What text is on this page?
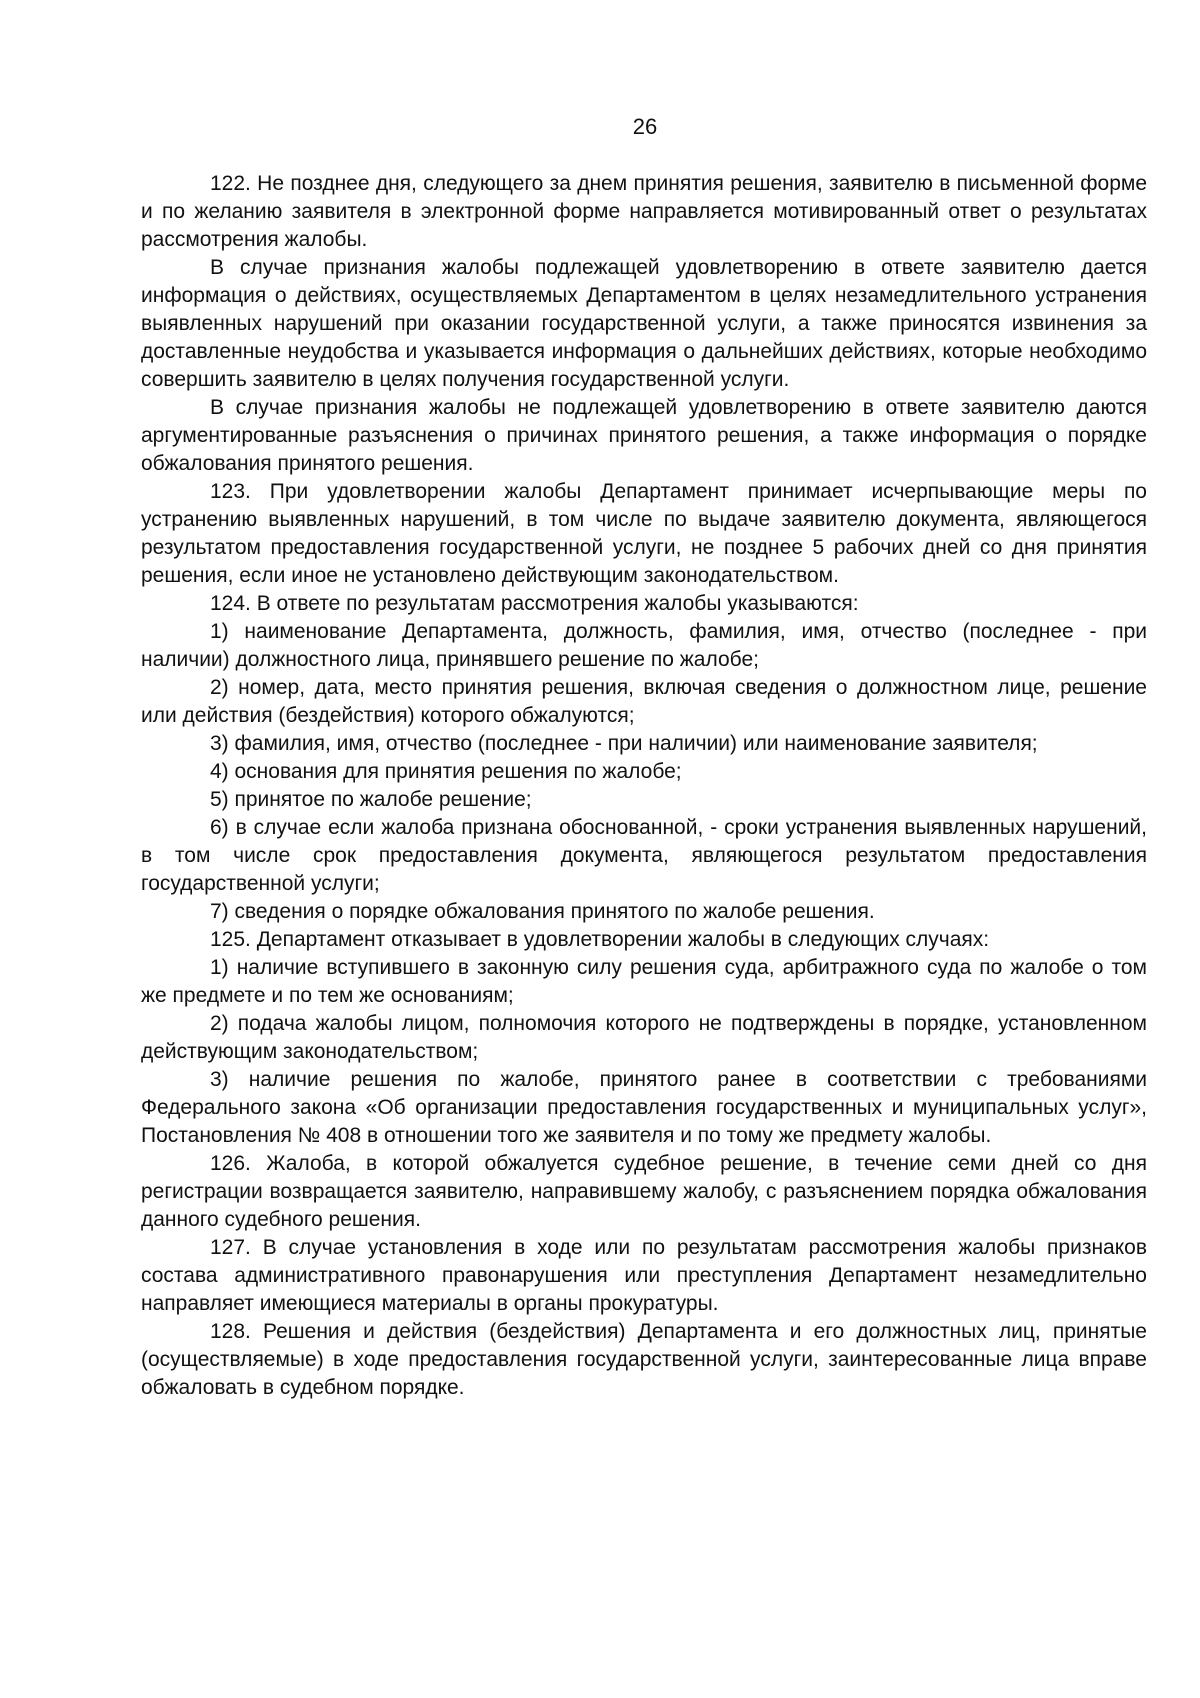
26

122. Не позднее дня, следующего за днем принятия решения, заявителю в письменной форме и по желанию заявителя в электронной форме направляется мотивированный ответ о результатах рассмотрения жалобы.

В случае признания жалобы подлежащей удовлетворению в ответе заявителю дается информация о действиях, осуществляемых Департаментом в целях незамедлительного устранения выявленных нарушений при оказании государственной услуги, а также приносятся извинения за доставленные неудобства и указывается информация о дальнейших действиях, которые необходимо совершить заявителю в целях получения государственной услуги.

В случае признания жалобы не подлежащей удовлетворению в ответе заявителю даются аргументированные разъяснения о причинах принятого решения, а также информация о порядке обжалования принятого решения.

123. При удовлетворении жалобы Департамент принимает исчерпывающие меры по устранению выявленных нарушений, в том числе по выдаче заявителю документа, являющегося результатом предоставления государственной услуги, не позднее 5 рабочих дней со дня принятия решения, если иное не установлено действующим законодательством.

124. В ответе по результатам рассмотрения жалобы указываются:

1) наименование Департамента, должность, фамилия, имя, отчество (последнее - при наличии) должностного лица, принявшего решение по жалобе;

2) номер, дата, место принятия решения, включая сведения о должностном лице, решение или действия (бездействия) которого обжалуются;

3) фамилия, имя, отчество (последнее - при наличии) или наименование заявителя;

4) основания для принятия решения по жалобе;

5) принятое по жалобе решение;

6) в случае если жалоба признана обоснованной, - сроки устранения выявленных нарушений, в том числе срок предоставления документа, являющегося результатом предоставления государственной услуги;

7) сведения о порядке обжалования принятого по жалобе решения.

125. Департамент отказывает в удовлетворении жалобы в следующих случаях:

1) наличие вступившего в законную силу решения суда, арбитражного суда по жалобе о том же предмете и по тем же основаниям;

2) подача жалобы лицом, полномочия которого не подтверждены в порядке, установленном действующим законодательством;

3) наличие решения по жалобе, принятого ранее в соответствии с требованиями Федерального закона «Об организации предоставления государственных и муниципальных услуг», Постановления № 408 в отношении того же заявителя и по тому же предмету жалобы.

126. Жалоба, в которой обжалуется судебное решение, в течение семи дней со дня регистрации возвращается заявителю, направившему жалобу, с разъяснением порядка обжалования данного судебного решения.

127. В случае установления в ходе или по результатам рассмотрения жалобы признаков состава административного правонарушения или преступления Департамент незамедлительно направляет имеющиеся материалы в органы прокуратуры.

128. Решения и действия (бездействия) Департамента и его должностных лиц, принятые (осуществляемые) в ходе предоставления государственной услуги, заинтересованные лица вправе обжаловать в судебном порядке.
